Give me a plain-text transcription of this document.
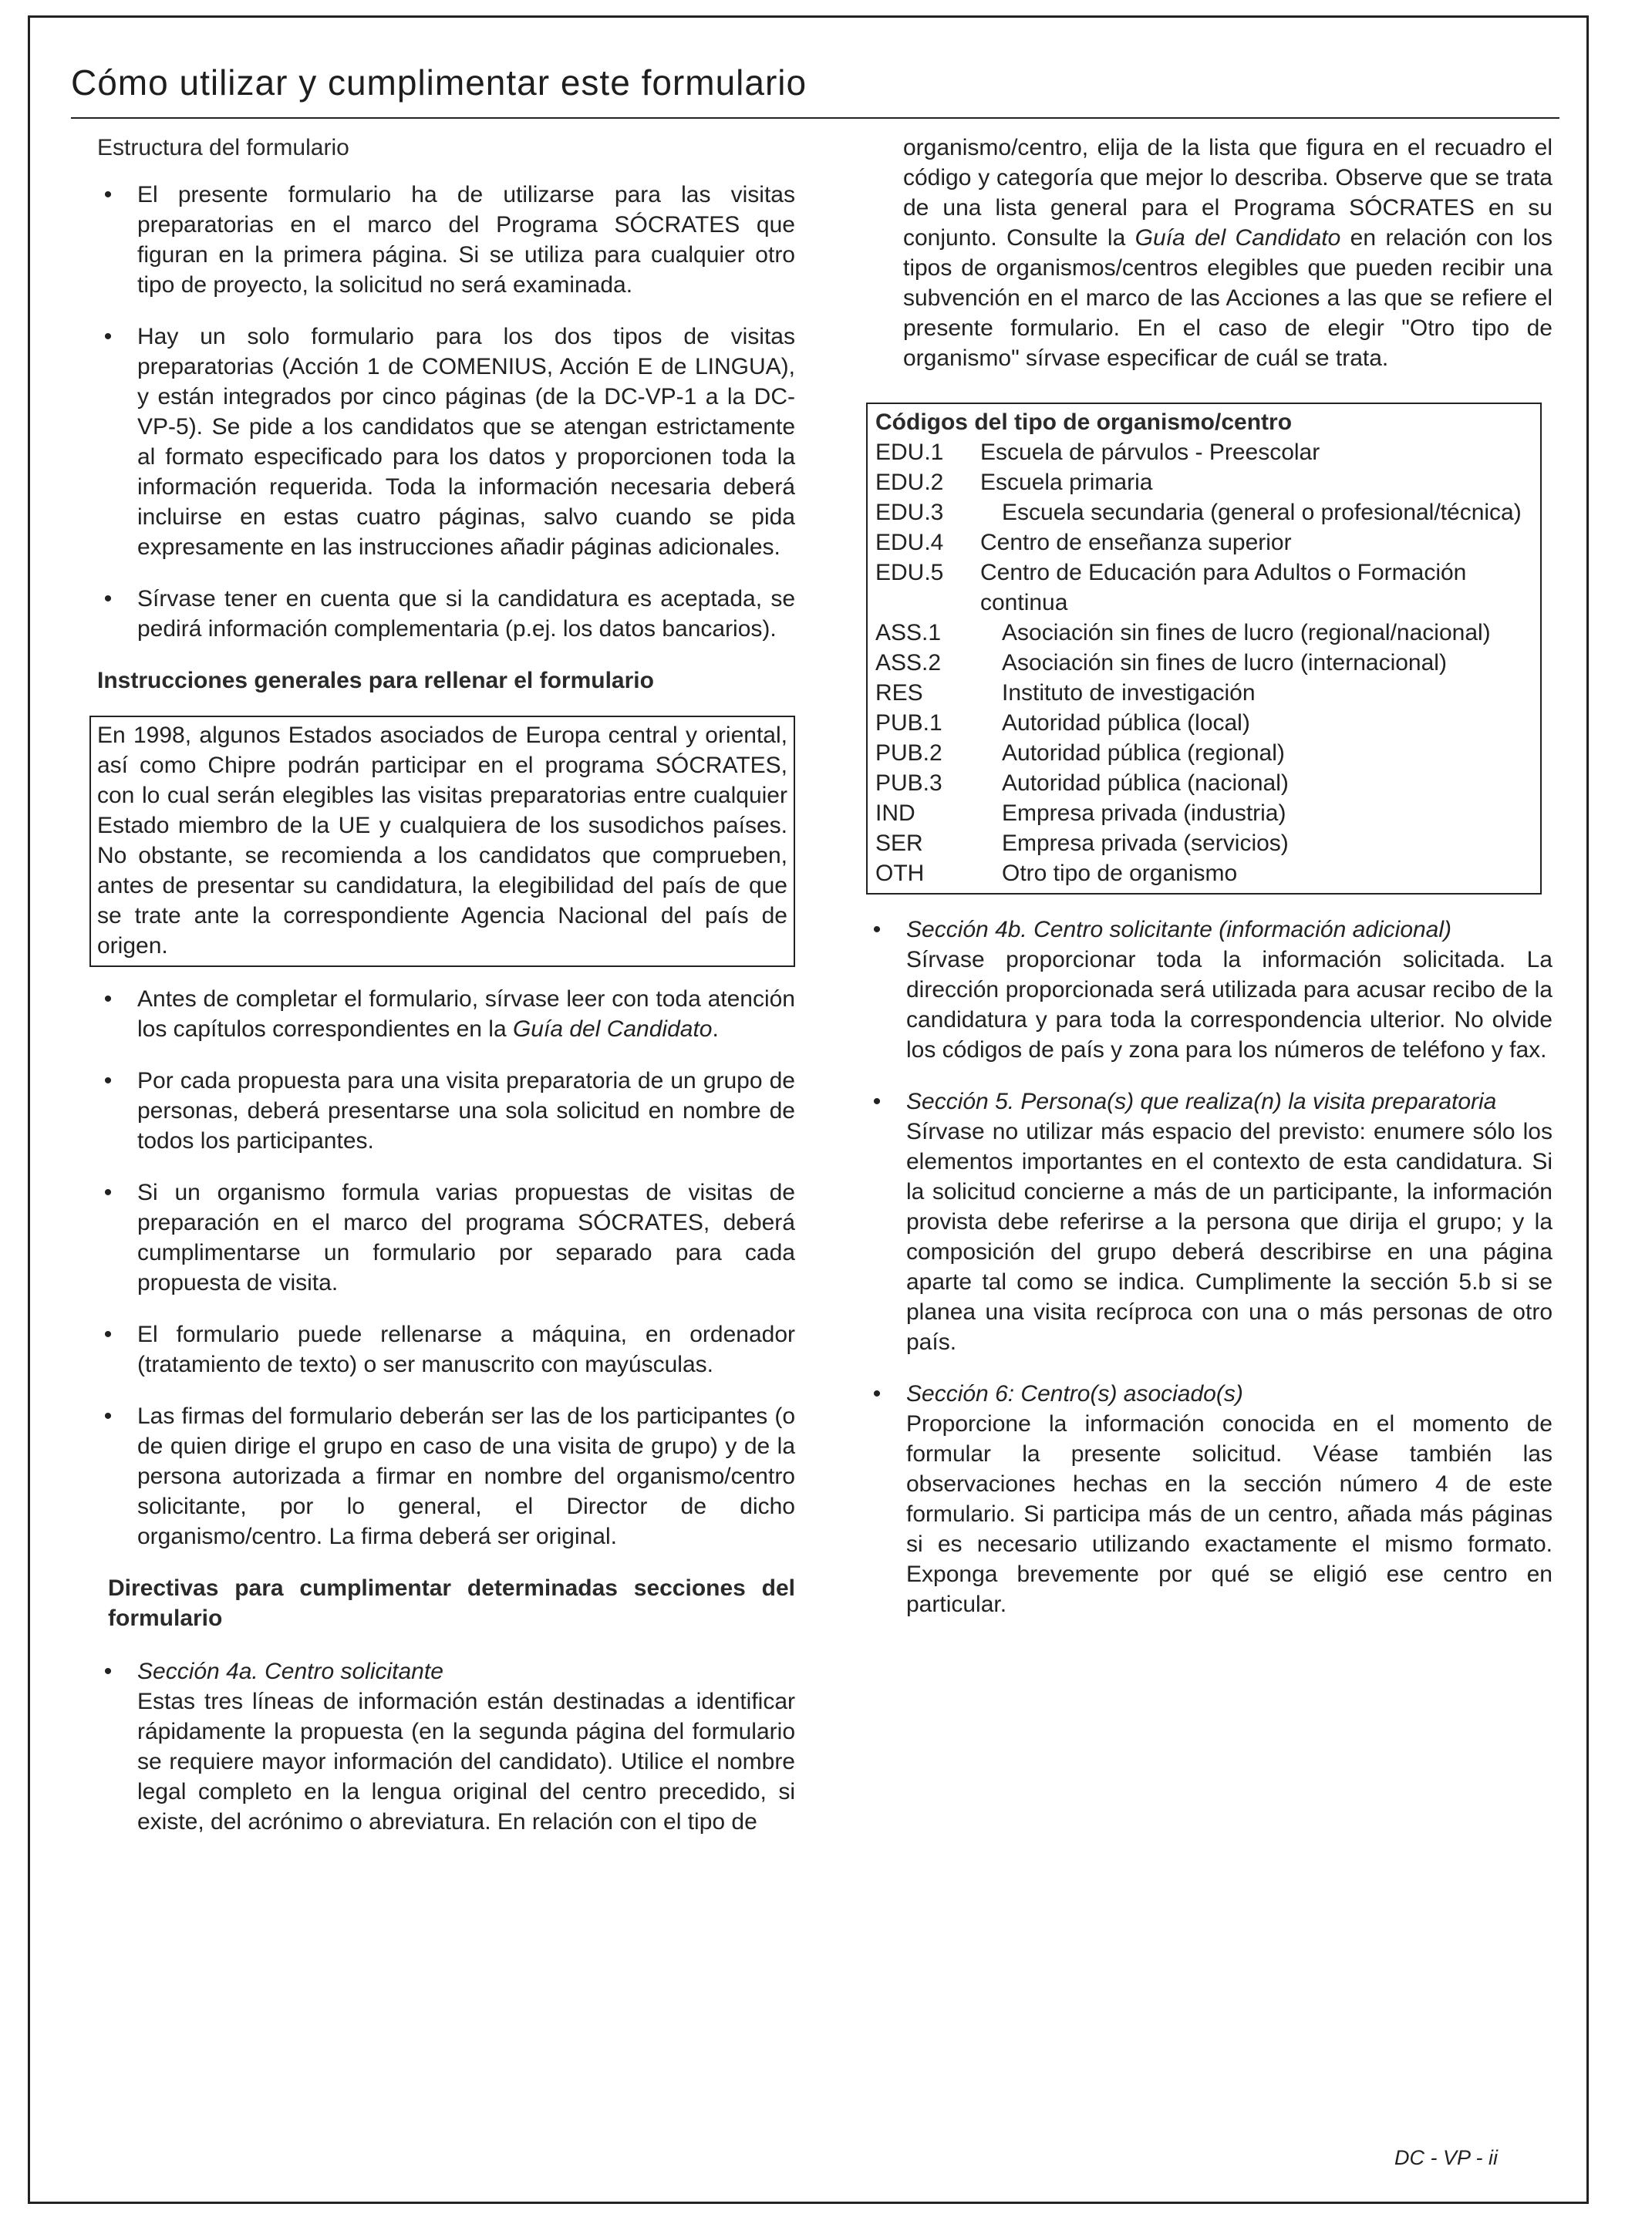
Cómo utilizar y cumplimentar este formulario

Estructura del formulario

• El presente formulario ha de utilizarse para las visitas preparatorias en el marco del Programa SÓCRATES que figuran en la primera página. Si se utiliza para cualquier otro tipo de proyecto, la solicitud no será examinada.
• Hay un solo formulario para los dos tipos de visitas preparatorias (Acción 1 de COMENIUS, Acción E de LINGUA), y están integrados por cinco páginas (de la DC-VP-1 a la DC-VP-5). Se pide a los candidatos que se atengan estrictamente al formato especificado para los datos y proporcionen toda la información requerida. Toda la información necesaria deberá incluirse en estas cuatro páginas, salvo cuando se pida expresamente en las instrucciones añadir páginas adicionales.
• Sírvase tener en cuenta que si la candidatura es aceptada, se pedirá información complementaria (p.ej. los datos bancarios).

Instrucciones generales para rellenar el formulario

En 1998, algunos Estados asociados de Europa central y oriental, así como Chipre podrán participar en el programa SÓCRATES, con lo cual serán elegibles las visitas preparatorias entre cualquier Estado miembro de la UE y cualquiera de los susodichos países. No obstante, se recomienda a los candidatos que comprueben, antes de presentar su candidatura, la elegibilidad del país de que se trate ante la correspondiente Agencia Nacional del país de origen.
• Antes de completar el formulario, sírvase leer con toda atención los capítulos correspondientes en la Guía del Candidato.
• Por cada propuesta para una visita preparatoria de un grupo de personas, deberá presentarse una sola solicitud en nombre de todos los participantes.
• Si un organismo formula varias propuestas de visitas de preparación en el marco del programa SÓCRATES, deberá cumplimentarse un formulario por separado para cada propuesta de visita.
• El formulario puede rellenarse a máquina, en ordenador (tratamiento de texto) o ser manuscrito con mayúsculas.
• Las firmas del formulario deberán ser las de los participantes (o de quien dirige el grupo en caso de una visita de grupo) y de la persona autorizada a firmar en nombre del organismo/centro solicitante, por lo general, el Director de dicho organismo/centro. La firma deberá ser original.

Directivas para cumplimentar determinadas secciones del formulario

• Sección 4a. Centro solicitante
Estas tres líneas de información están destinadas a identificar rápidamente la propuesta (en la segunda página del formulario se requiere mayor información del candidato). Utilice el nombre legal completo en la lengua original del centro precedido, si existe, del acrónimo o abreviatura. En relación con el tipo de

organismo/centro, elija de la lista que figura en el recuadro el código y categoría que mejor lo describa. Observe que se trata de una lista general para el Programa SÓCRATES en su conjunto. Consulte la Guía del Candidato en relación con los tipos de organismos/centros elegibles que pueden recibir una subvención en el marco de las Acciones a las que se refiere el presente formulario. En el caso de elegir "Otro tipo de organismo" sírvase especificar de cuál se trata.

Códigos del tipo de organismo/centro
EDU.1	Escuela de párvulos - Preescolar
EDU.2	Escuela primaria
EDU.3	Escuela secundaria (general o profesional/técnica)
EDU.4	Centro de enseñanza superior
EDU.5	Centro de Educación para Adultos o Formación continua
ASS.1	Asociación sin fines de lucro (regional/nacional)
ASS.2	Asociación sin fines de lucro (internacional)
RES	Instituto de investigación
PUB.1	Autoridad pública (local)
PUB.2	Autoridad pública (regional)
PUB.3	Autoridad pública (nacional)
IND	Empresa privada (industria)
SER	Empresa privada (servicios)
OTH	Otro tipo de organismo
• Sección 4b. Centro solicitante (información adicional)
Sírvase proporcionar toda la información solicitada. La dirección proporcionada será utilizada para acusar recibo de la candidatura y para toda la correspondencia ulterior. No olvide los códigos de país y zona para los números de teléfono y fax.
• Sección 5. Persona(s) que realiza(n) la visita preparatoria
Sírvase no utilizar más espacio del previsto: enumere sólo los elementos importantes en el contexto de esta candidatura. Si la solicitud concierne a más de un participante, la información provista debe referirse a la persona que dirija el grupo; y la composición del grupo deberá describirse en una página aparte tal como se indica. Cumplimente la sección 5.b si se planea una visita recíproca con una o más personas de otro país.
• Sección 6: Centro(s) asociado(s)
Proporcione la información conocida en el momento de formular la presente solicitud. Véase también las observaciones hechas en la sección número 4 de este formulario. Si participa más de un centro, añada más páginas si es necesario utilizando exactamente el mismo formato. Exponga brevemente por qué se eligió ese centro en particular.
DC - VP - ii
